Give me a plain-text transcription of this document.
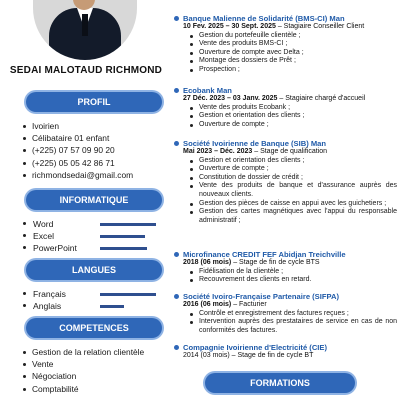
SEDAI MALOTAUD RICHMOND
PROFIL
Ivoirien
Célibataire 01 enfant
(+225) 07 57 09 90 20
(+225) 05 05 42 86 71
richmondsedai@gmail.com
INFORMATIQUE
Word
Excel
PowerPoint
LANGUES
Français
Anglais
COMPETENCES
Gestion de la relation clientèle
Vente
Négociation
Comptabilité
Banque Malienne de Solidarité (BMS-CI) Man
10 Fev. 2025 – 30 Sept. 2025 – Stagiaire Conseiller Client
Gestion du portefeuille clientèle ;
Vente des produits BMS-CI ;
Ouverture de compte avec Delta ;
Montage des dossiers de Prêt ;
Prospection ;
Ecobank Man
27 Déc. 2023 – 03 Janv. 2025 – Stagiaire chargé d'accueil
Vente des produits Ecobank ;
Gestion et orientation des clients ;
Ouverture de compte ;
Société Ivoirienne de Banque (SIB) Man
Mai 2023 – Déc. 2023 – Stage de qualification
Gestion et orientation des clients ;
Ouverture de compte ;
Constitution de dossier de crédit ;
Vente des produits de banque et d'assurance auprès des nouveaux clients.
Gestion des pièces de caisse en appui avec les guichetiers ;
Gestion des cartes magnétiques avec l'appui du responsable administratif ;
Microfinance CREDIT FEF Abidjan Treichville
2018 (06 mois) – Stage de fin de cycle BTS
Fidélisation de la clientèle ;
Recouvrement des clients en retard.
Société Ivoiro-Française Partenaire (SIFPA)
2016 (06 mois) – Facturier
Contrôle et enregistrement des factures reçues ;
Intervention auprès des prestataires de service en cas de non conformités des factures.
Compagnie Ivoirienne d'Electricité (CIE)
2014 (03 mois) – Stage de fin de cycle BT
FORMATIONS
